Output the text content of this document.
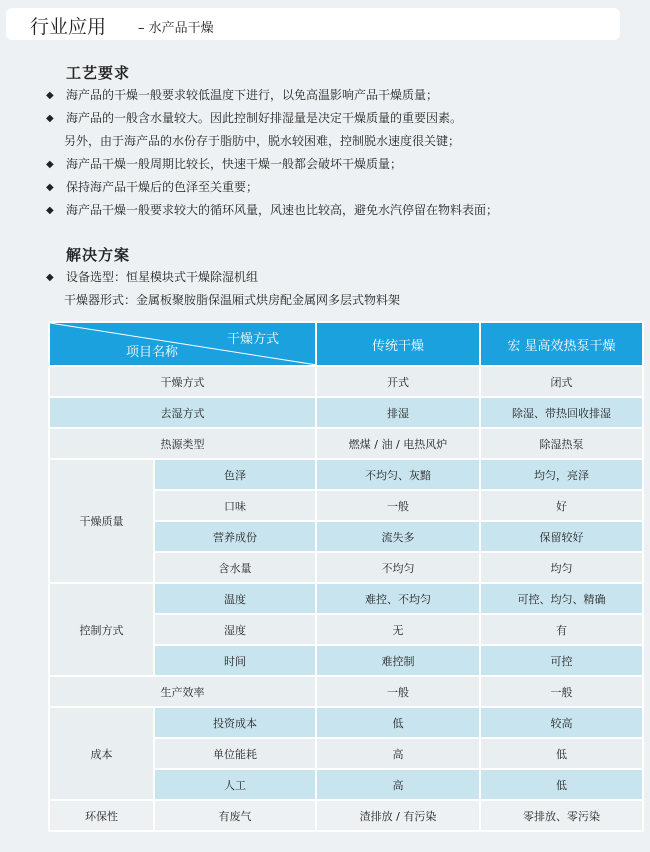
行业应用 – 水产品干燥
工艺要求
◆ 海产品的干燥一般要求较低温度下进行，以免高温影响产品干燥质量；
◆ 海产品的一般含水量较大。因此控制好排湿量是决定干燥质量的重要因素。
另外，由于海产品的水份存于脂肪中，脱水较困难，控制脱水速度很关键；
◆ 海产品干燥一般周期比较长，快速干燥一般都会破坏干燥质量；
◆ 保持海产品干燥后的色泽至关重要；
◆ 海产品干燥一般要求较大的循环风量，风速也比较高，避免水汽停留在物料表面；
解决方案
◆ 设备选型：恒星模块式干燥除湿机组
干燥器形式：金属板聚胺脂保温厢式烘房配金属网多层式物料架
干燥方式
项目名称		传统干燥	宏 星高效热泵干燥
干燥方式		开式	闭式
去湿方式		排湿	除湿、带热回收排湿
热源类型		燃煤 / 油 / 电热风炉	除湿热泵
干燥质量	色泽	不均匀、灰黯	均匀，亮泽
	口味	一般	好
	营养成份	流失多	保留较好
	含水量	不均匀	均匀
控制方式	温度	难控、不均匀	可控、均匀、精确
	湿度	无	有
	时间	难控制	可控
生产效率		一般	一般
成本	投资成本	低	较高
	单位能耗	高	低
	人工	高	低
环保性	有废气	渣排放 / 有污染	零排放、零污染
